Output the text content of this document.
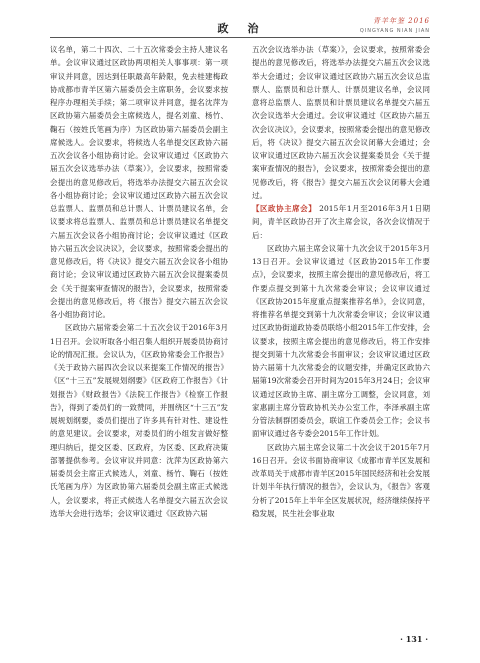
政　治
青羊年鉴 2016
QINGYANG NIAN JIAN

议名单，第二十四次、二十五次常委会主持人建议名单。会议审议通过区政协两项相关人事事项：第一项审议并同意，因达到任职最高年龄限，免去桂建梅政协成都市青羊区第六届委员会主席职务，会议要求按程序办理相关手续；第二项审议并同意，提名沈萍为区政协第六届委员会主席候选人，提名刘童、杨竹、鞠石（按姓氏笔画为序）为区政协第六届委员会副主席候选人。会议要求，将候选人名单提交区政协六届五次会议各小组协商讨论。会议审议通过《区政协六届五次会议选举办法（草案）》，会议要求，按照常委会提出的意见修改后，将选举办法提交六届五次会议各小组协商讨论；会议审议通过区政协六届五次会议总监票人、监票员和总计票人、计票员建议名单，会议要求将总监票人、监票员和总计票员建议名单提交六届五次会议各小组协商讨论；会议审议通过《区政协六届五次会议决议》，会议要求，按照常委会提出的意见修改后，将《决议》提交六届五次会议各小组协商讨论；会议审议通过区政协六届五次会议提案委员会《关于提案审查情况的报告》，会议要求，按照常委会提出的意见修改后，将《报告》提交六届五次会议各小组协商讨论。

区政协六届常委会第二十五次会议于2016年3月1日召开。会议听取各小组召集人组织开展委员协商讨论的情况汇报。会议认为，《区政协常委会工作报告》《关于政协六届四次会议以来提案工作情况的报告》《区“十三五”发展规划纲要》《区政府工作报告》《计划报告》《财政报告》《法院工作报告》《检察工作报告》，得到了委员们的一致赞同，并围绕区“十三五”发展规划纲要，委员们提出了许多具有针对性、建设性的意见建议。会议要求，对委员们的小组发言做好整理归纳后，提交区委、区政府，为区委、区政府决策部署提供参考。会议审议并同意：沈萍为区政协第六届委员会主席正式候选人，刘童、杨竹、鞠石（按姓氏笔画为序）为区政协第六届委员会副主席正式候选人，会议要求，将正式候选人名单提交六届五次会议选举大会进行选举；会议审议通过《区政协六届

五次会议选举办法（草案）》，会议要求，按照常委会提出的意见修改后，将选举办法提交六届五次会议选举大会通过；会议审议通过区政协六届五次会议总监票人、监票员和总计票人、计票员建议名单，会议同意将总监票人、监票员和计票员建议名单提交六届五次会议选举大会通过。会议审议通过《区政协六届五次会议决议》，会议要求，按照常委会提出的意见修改后，将《决议》提交六届五次会议闭幕大会通过；会议审议通过区政协六届五次会议提案委员会《关于提案审查情况的报告》，会议要求，按照常委会提出的意见修改后，将《报告》提交六届五次会议闭幕大会通过。

【区政协主席会】 2015年1月至2016年3月1日期间，青羊区政协召开了次主席会议，各次会议情况于后：

区政协六届主席会议第十九次会议于2015年3月13日召开。会议审议通过《区政协2015年工作要点》，会议要求，按照主席会提出的意见修改后，将工作要点提交到第十九次常委会审议；会议审议通过《区政协2015年度重点提案推荐名单》，会议同意，将推荐名单提交到第十九次常委会审议；会议审议通过区政协街道政协委员联络小组2015年工作安排，会议要求，按照主席会提出的意见修改后，将工作安排提交到第十九次常委会书面审议；会议审议通过区政协六届第十九次常委会的议题安排，并确定区政协六届第19次常委会召开时间为2015年3月24日；会议审议通过区政协主席、副主席分工调整，会议同意，刘家惠副主席分管政协机关办公室工作，李泽承副主席分管法制群团委员会，联谊工作委员会工作；会议书面审议通过各专委会2015年工作计划。

区政协六届主席会议第二十次会议于2015年7月16日召开。会议书面协商审议《成都市青羊区发展和改革局关于成都市青羊区2015年国民经济和社会发展计划半年执行情况的报告》，会议认为，《报告》客观分析了2015年上半年全区发展状况，经济继续保持平稳发展，民生社会事业取

· 131 ·
